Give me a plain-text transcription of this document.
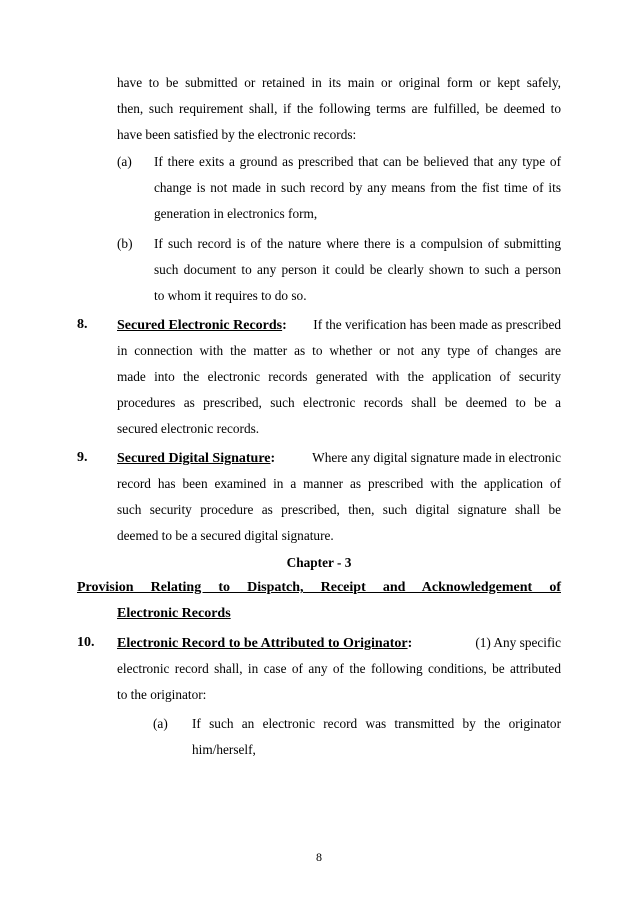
have to be submitted or retained in its main or original form or kept safely,
then, such requirement shall, if the following terms are fulfilled, be deemed to
have been satisfied by the electronic records:
(a) If there exits a ground as prescribed that can be believed that any type of
change is not made in such record by any means from the fist time of its
generation in electronics form,
(b) If such record is of the nature where there is a compulsion of submitting
such document to any person it could be clearly shown to such a person
to whom it requires to do so.
8. Secured Electronic Records: If the verification has been made as prescribed
in connection with the matter as to whether or not any type of changes are
made into the electronic records generated with the application of security
procedures as prescribed, such electronic records shall be deemed to be a
secured electronic records.
9. Secured Digital Signature:	Where any digital signature made in electronic
record has been examined in a manner as prescribed with the application of
such security procedure as prescribed, then, such digital signature shall be
deemed to be a secured digital signature.
Chapter - 3
Provision Relating to Dispatch, Receipt and Acknowledgement of
Electronic Records
10. Electronic Record to be Attributed to Originator:	(1) Any specific
electronic record shall, in case of any of the following conditions, be attributed
to the originator:
(a) If such an electronic record was transmitted by the originator
him/herself,
8
